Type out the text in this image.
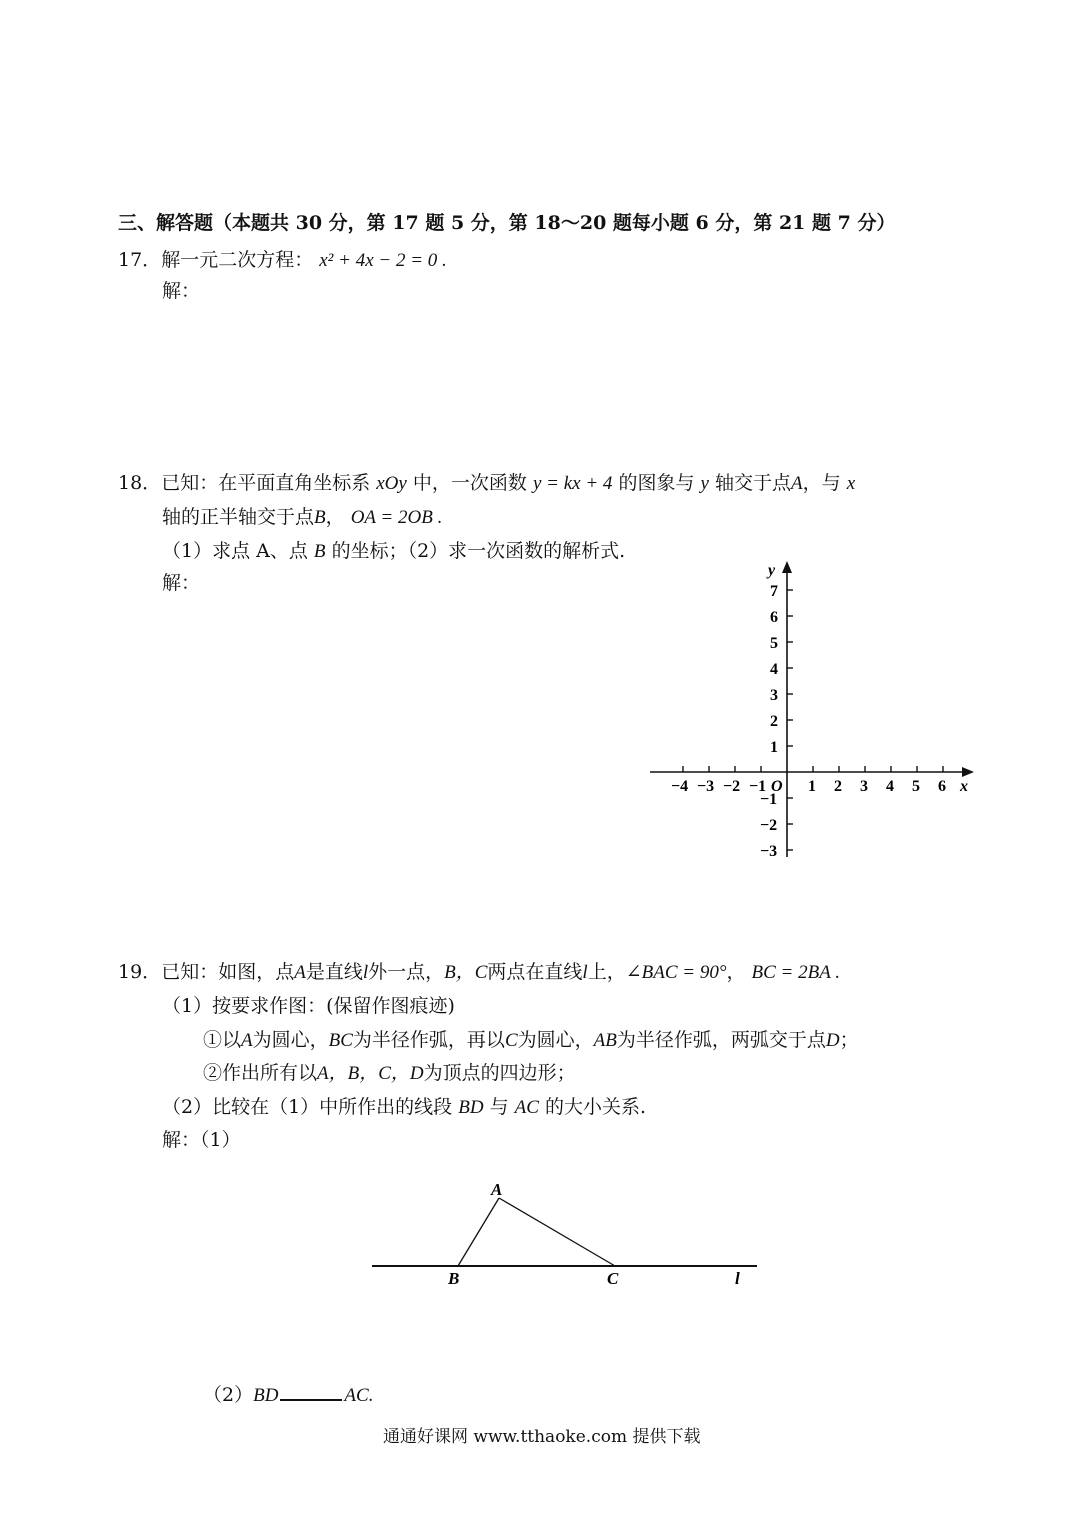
三、解答题（本题共 30 分，第 17 题 5 分，第 18～20 题每小题 6 分，第 21 题 7 分）
17．解一元二次方程： x² + 4x − 2 = 0 .
解：
18．已知：在平面直角坐标系 xOy 中，一次函数 y = kx + 4 的图象与 y 轴交于点A，与 x
轴的正半轴交于点B， OA = 2OB .
（1）求点 A、点 B 的坐标；（2）求一次函数的解析式.
解：
−4 −3 −2 −1	1 2 3 4 5 6
7
6
5
4
3
2
1
−1
−2
−3
y
x
O
19．已知：如图，点A是直线l外一点，B，C两点在直线l上，∠BAC = 90°， BC = 2BA .
（1）按要求作图：(保留作图痕迹)
①以A为圆心，BC为半径作弧，再以C为圆心，AB为半径作弧，两弧交于点D；
②作出所有以A，B，C，D为顶点的四边形；
（2）比较在（1）中所作出的线段 BD 与 AC 的大小关系.
解：（1）
A
B	C	l
（2）BD	AC.
通通好课网 www.tthaoke.com 提供下载
